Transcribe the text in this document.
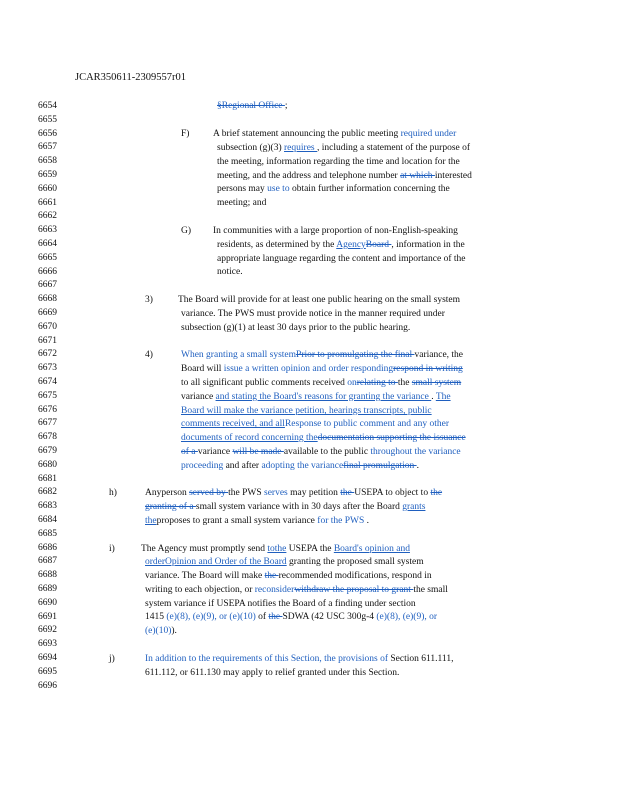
JCAR350611-2309557r01
6654
6655
6656
6657
6658
6659
6660
6661
6662
6663
6664
6665
6666
6667
6668
6669
6670
6671
6672
6673
6674
6675
6676
6677
6678
6679
6680
6681
6682
6683
6684
6685
6686
6687
6688
6689
6690
6691
6692
6693
6694
6695
6696
F)
G)
3)
4)
h)
i)
j)
§Regional Office ;
A brief statement announcing the public meeting required under
subsection (g)(3) requires , including a statement of the purpose of
the meeting, information regarding the time and location for the
meeting, and the address and telephone number at which interested
persons may use to obtain further information concerning the
meeting; and
In communities with a large proportion of non-English-speaking
residents, as determined by the AgencyBoard , information in the
appropriate language regarding the content and importance of the
notice.
The Board will provide for at least one public hearing on the small system
variance. The PWS must provide notice in the manner required under
subsection (g)(1) at least 30 days prior to the public hearing.
When granting a small systemPrior to promulgating the final variance, the
Board will issue a written opinion and order respondingrespond in writing
to all significant public comments received onrelating to the small system
variance and stating the Board's reasons for granting the variance . The
Board will make the variance petition, hearings transcripts, public
comments received, and allResponse to public comment and any other
documents of record concerning thedocumentation supporting the issuance
of a variance will be made available to the public throughout the variance
proceeding and after adopting the variancefinal promulgation .
Anyperson served by the PWS serves may petition the USEPA to object to the
granting of a small system variance with in 30 days after the Board grants
theproposes to grant a small system variance for the PWS .
The Agency must promptly send tothe USEPA the Board's opinion and
orderOpinion and Order of the Board granting the proposed small system
variance. The Board will make the recommended modifications, respond in
writing to each objection, or reconsiderwithdraw the proposal to grant the small
system variance if USEPA notifies the Board of a finding under section
1415 (e)(8), (e)(9), or (e)(10) of the SDWA (42 USC 300g-4 (e)(8), (e)(9), or
(e)(10)).
In addition to the requirements of this Section, the provisions of Section 611.111,
611.112, or 611.130 may apply to relief granted under this Section.
